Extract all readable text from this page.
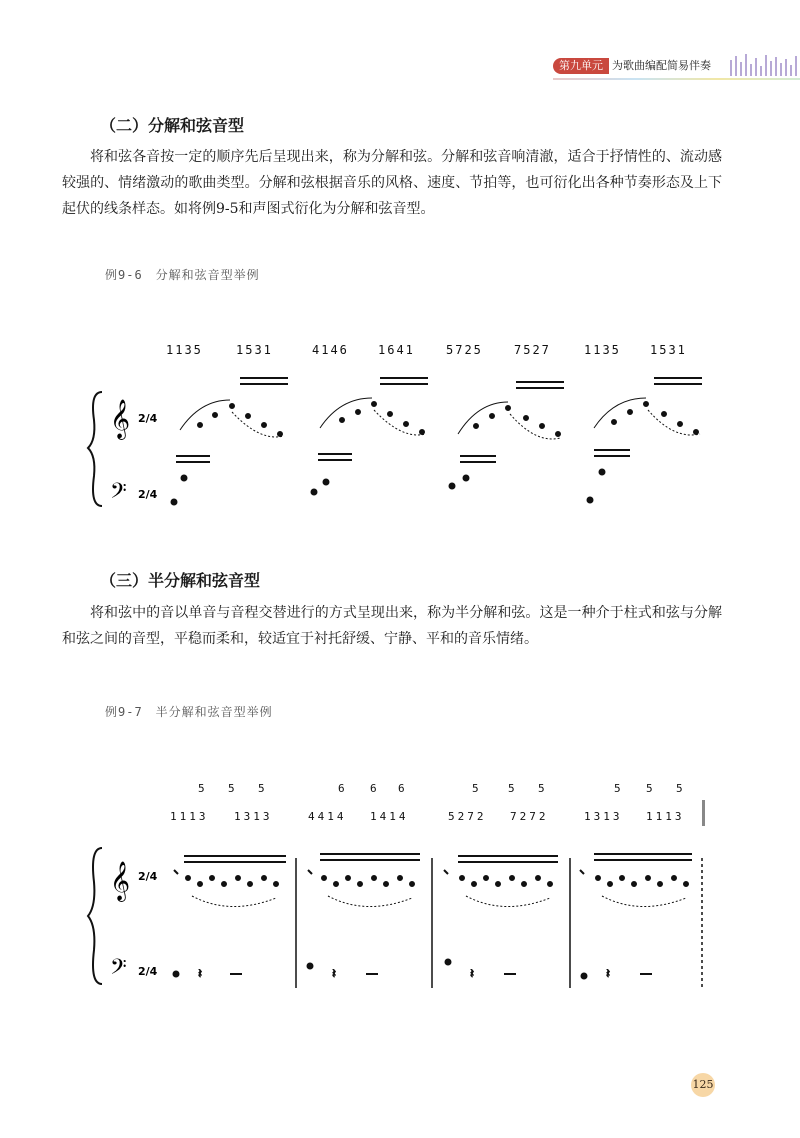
第九单元 为歌曲编配简易伴奏
（二）分解和弦音型

将和弦各音按一定的顺序先后呈现出来，称为分解和弦。分解和弦音响清澈，适合于抒情性的、流动感较强的、情绪激动的歌曲类型。分解和弦根据音乐的风格、速度、节拍等，也可衍化出各种节奏形态及上下起伏的线条样态。如将例9-5和声图式衍化为分解和弦音型。

例9-6　分解和弦音型举例
1135	1531	4146 1641	5725	7527	1135 1531
𝄞
𝄢
2/4
2/4
（三）半分解和弦音型

将和弦中的音以单音与音程交替进行的方式呈现出来，称为半分解和弦。这是一种介于柱式和弦与分解和弦之间的音型，平稳而柔和，较适宜于衬托舒缓、宁静、平和的音乐情绪。

例9-7　半分解和弦音型举例
5 5 5	6 6 6	5	5 5	5 5 5
1113 1313	4414 1414	5272 7272	1313 1113
𝄞
𝄢
2/4
2/4	𝄽	𝄽	𝄽	𝄽
125
